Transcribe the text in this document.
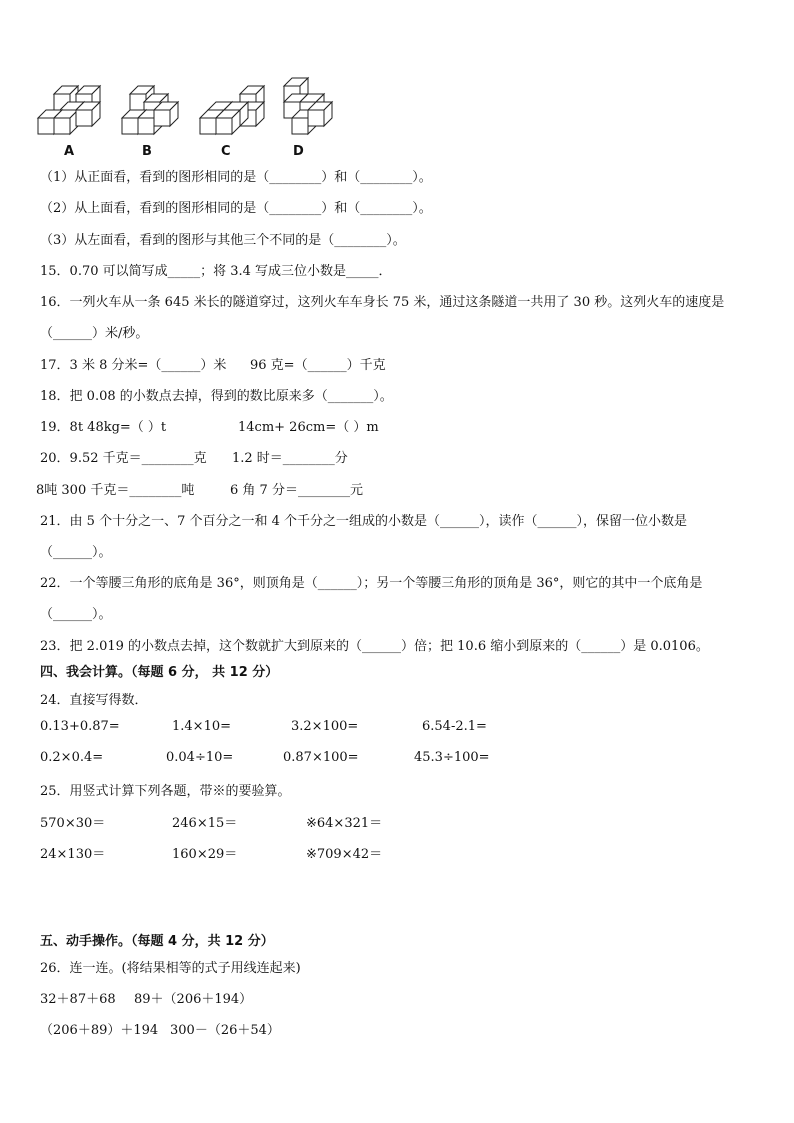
A	B	C	D
（1）从正面看，看到的图形相同的是（________）和（________）。
（2）从上面看，看到的图形相同的是（________）和（________）。
（3）从左面看，看到的图形与其他三个不同的是（________）。
15．0.70 可以简写成_____；将 3.4 写成三位小数是_____．
16．一列火车从一条 645 米长的隧道穿过，这列火车车身长 75 米，通过这条隧道一共用了 30 秒。这列火车的速度是
（______）米/秒。
17．3 米 8 分米=（______）米 96 克=（______）千克
18．把 0.08 的小数点去掉，得到的数比原来多（_______）。
19．8t 48kg=（ ）t	14cm+ 26cm=（ ）m
20．9.52 千克＝________克 1.2 时＝________分
8吨 300 千克＝________吨	6 角 7 分＝________元
21．由 5 个十分之一、7 个百分之一和 4 个千分之一组成的小数是（______），读作（______），保留一位小数是
（______）。
22．一个等腰三角形的底角是 36°，则顶角是（______）；另一个等腰三角形的顶角是 36°，则它的其中一个底角是
（______）。
23．把 2.019 的小数点去掉，这个数就扩大到原来的（______）倍；把 10.6 缩小到原来的（______）是 0.0106。
四、我会计算。（每题 6 分， 共 12 分）
24．直接写得数．
0.13+0.87=	1.4×10=	3.2×100=	6.54-2.1=
0.2×0.4=	0.04÷10=	0.87×100=	45.3÷100=
25．用竖式计算下列各题，带※的要验算。
570×30＝	246×15＝	※64×321＝
24×130＝	160×29＝	※709×42＝
五、动手操作。（每题 4 分，共 12 分）
26．连一连。(将结果相等的式子用线连起来)
32＋87＋68 89＋（206＋194）
（206＋89）＋194 300－（26＋54）
